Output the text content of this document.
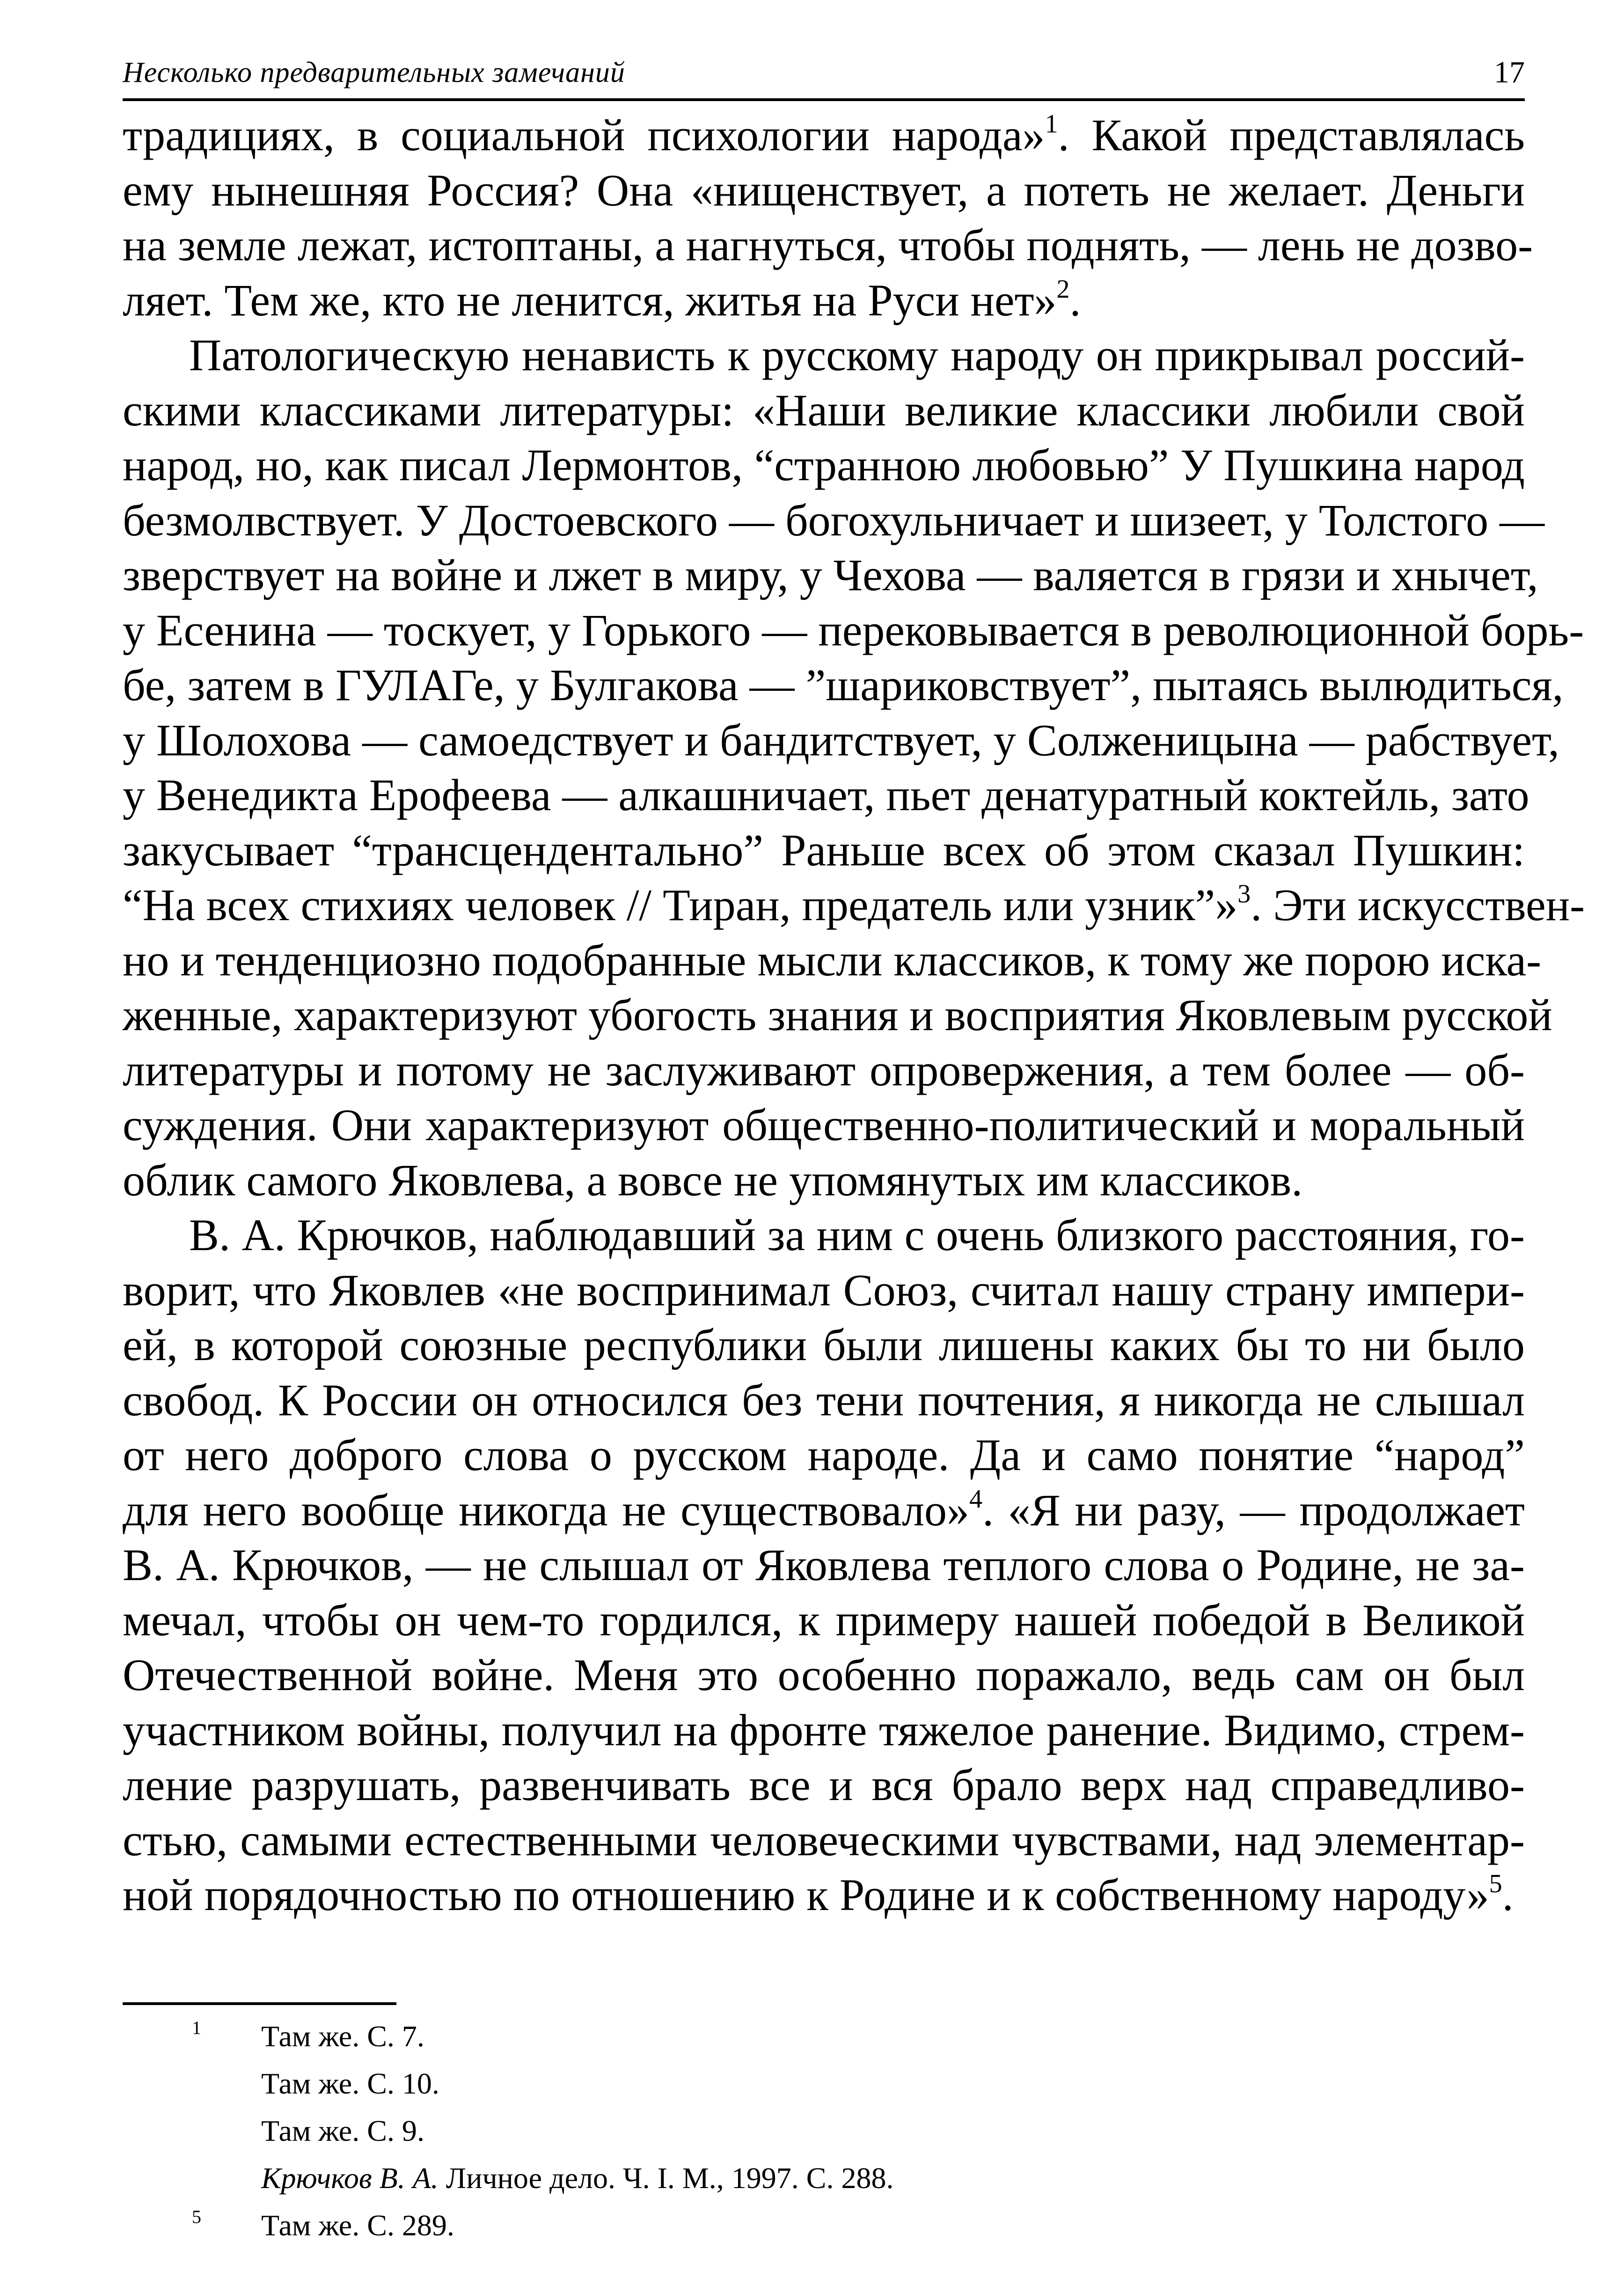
Несколько предварительных замечаний	17
традициях, в социальной психологии народа»$^1$. Какой представлялась
ему нынешняя Россия? Она «нищенствует, а потеть не желает. Деньги
на земле лежат, истоптаны, а нагнуться, чтобы поднять, — лень не дозво-
ляет. Тем же, кто не ленится, житья на Руси нет»$^2$.
Патологическую ненависть к русскому народу он прикрывал россий-
скими классиками литературы: «Наши великие классики любили свой
народ, но, как писал Лермонтов, “странною любовью” У Пушкина народ
безмолвствует. У Достоевского — богохульничает и шизеет, у Толстого —
зверствует на войне и лжет в миру, у Чехова — валяется в грязи и хнычет,
у Есенина — тоскует, у Горького — перековывается в революционной борь-
бе, затем в ГУЛАГе, у Булгакова — ”шариковствует”, пытаясь вылюдиться,
у Шолохова — самоедствует и бандитствует, у Солженицына — рабствует,
у Венедикта Ерофеева — алкашничает, пьет денатуратный коктейль, зато
закусывает “трансцендентально” Раньше всех об этом сказал Пушкин:
“На всех стихиях человек // Тиран, предатель или узник”»$^3$. Эти искусствен-
но и тенденциозно подобранные мысли классиков, к тому же порою иска-
женные, характеризуют убогость знания и восприятия Яковлевым русской
литературы и потому не заслуживают опровержения, а тем более — об-
суждения. Они характеризуют общественно-политический и моральный
облик самого Яковлева, а вовсе не упомянутых им классиков.
В. А. Крючков, наблюдавший за ним с очень близкого расстояния, го-
ворит, что Яковлев «не воспринимал Союз, считал нашу страну импери-
ей, в которой союзные республики были лишены каких бы то ни было
свобод. К России он относился без тени почтения, я никогда не слышал
от него доброго слова о русском народе. Да и само понятие “народ”
для него вообще никогда не существовало»$^4$. «Я ни разу, — продолжает
В. А. Крючков, — не слышал от Яковлева теплого слова о Родине, не за-
мечал, чтобы он чем-то гордился, к примеру нашей победой в Великой
Отечественной войне. Меня это особенно поражало, ведь сам он был
участником войны, получил на фронте тяжелое ранение. Видимо, стрем-
ление разрушать, развенчивать все и вся брало верх над справедливо-
стью, самыми естественными человеческими чувствами, над элементар-
ной порядочностью по отношению к Родине и к собственному народу»$^5$.
1 Там же. С. 7.
Там же. С. 10.
Там же. С. 9.
Крючков В. А. Личное дело. Ч. I. М., 1997. С. 288.
5 Там же. С. 289.
